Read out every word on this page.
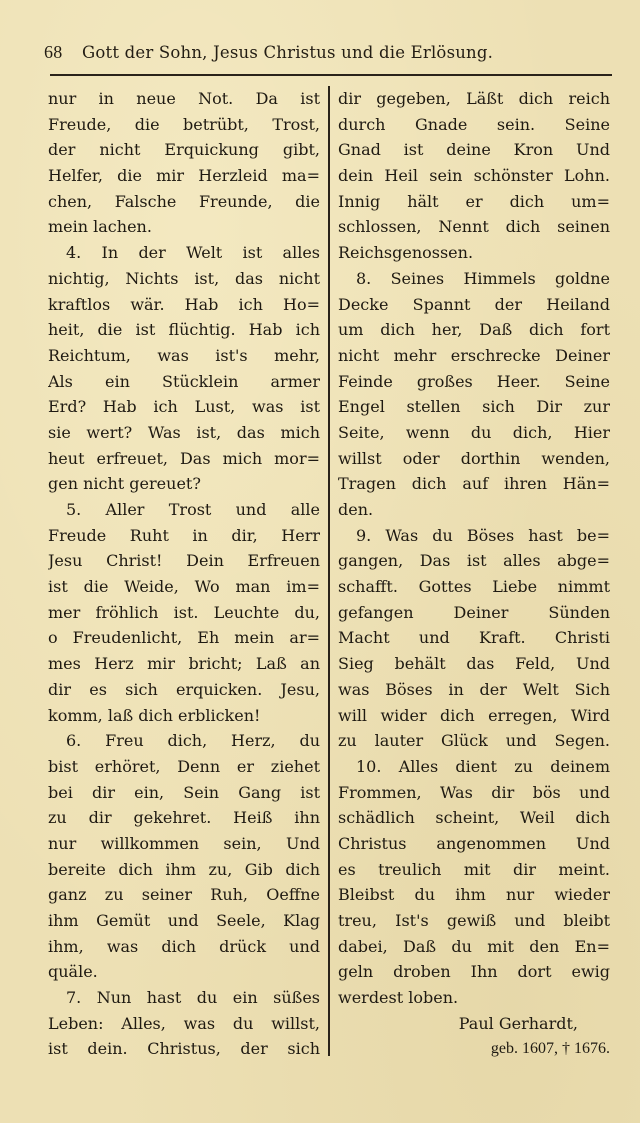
68 Gott der Sohn, Jesus Christus und die Erlösung.
nur in neue Not. Da ist
Freude, die betrübt, Trost,
der nicht Erquickung gibt,
Helfer, die mir Herzleid ma=
chen, Falsche Freunde, die
mein lachen.
4. In der Welt ist alles
nichtig, Nichts ist, das nicht
kraftlos wär. Hab ich Ho=
heit, die ist flüchtig. Hab ich
Reichtum, was ist's mehr,
Als ein Stücklein armer
Erd? Hab ich Lust, was ist
sie wert? Was ist, das mich
heut erfreuet, Das mich mor=
gen nicht gereuet?
5. Aller Trost und alle
Freude Ruht in dir, Herr
Jesu Christ! Dein Erfreuen
ist die Weide, Wo man im=
mer fröhlich ist. Leuchte du,
o Freudenlicht, Eh mein ar=
mes Herz mir bricht; Laß an
dir es sich erquicken. Jesu,
komm, laß dich erblicken!
6. Freu dich, Herz, du
bist erhöret, Denn er ziehet
bei dir ein, Sein Gang ist
zu dir gekehret. Heiß ihn
nur willkommen sein, Und
bereite dich ihm zu, Gib dich
ganz zu seiner Ruh, Oeffne
ihm Gemüt und Seele, Klag
ihm, was dich drück und
quäle.
7. Nun hast du ein süßes
Leben: Alles, was du willst,
ist dein. Christus, der sich
dir gegeben, Läßt dich reich
durch Gnade sein. Seine
Gnad ist deine Kron Und
dein Heil sein schönster Lohn.
Innig hält er dich um=
schlossen, Nennt dich seinen
Reichsgenossen.
8. Seines Himmels goldne
Decke Spannt der Heiland
um dich her, Daß dich fort
nicht mehr erschrecke Deiner
Feinde großes Heer. Seine
Engel stellen sich Dir zur
Seite, wenn du dich, Hier
willst oder dorthin wenden,
Tragen dich auf ihren Hän=
den.
9. Was du Böses hast be=
gangen, Das ist alles abge=
schafft. Gottes Liebe nimmt
gefangen Deiner Sünden
Macht und Kraft. Christi
Sieg behält das Feld, Und
was Böses in der Welt Sich
will wider dich erregen, Wird
zu lauter Glück und Segen.
10. Alles dient zu deinem
Frommen, Was dir bös und
schädlich scheint, Weil dich
Christus angenommen Und
es treulich mit dir meint.
Bleibst du ihm nur wieder
treu, Ist's gewiß und bleibt
dabei, Daß du mit den En=
geln droben Ihn dort ewig
werdest loben.
Paul Gerhardt,
geb. 1607, † 1676.
